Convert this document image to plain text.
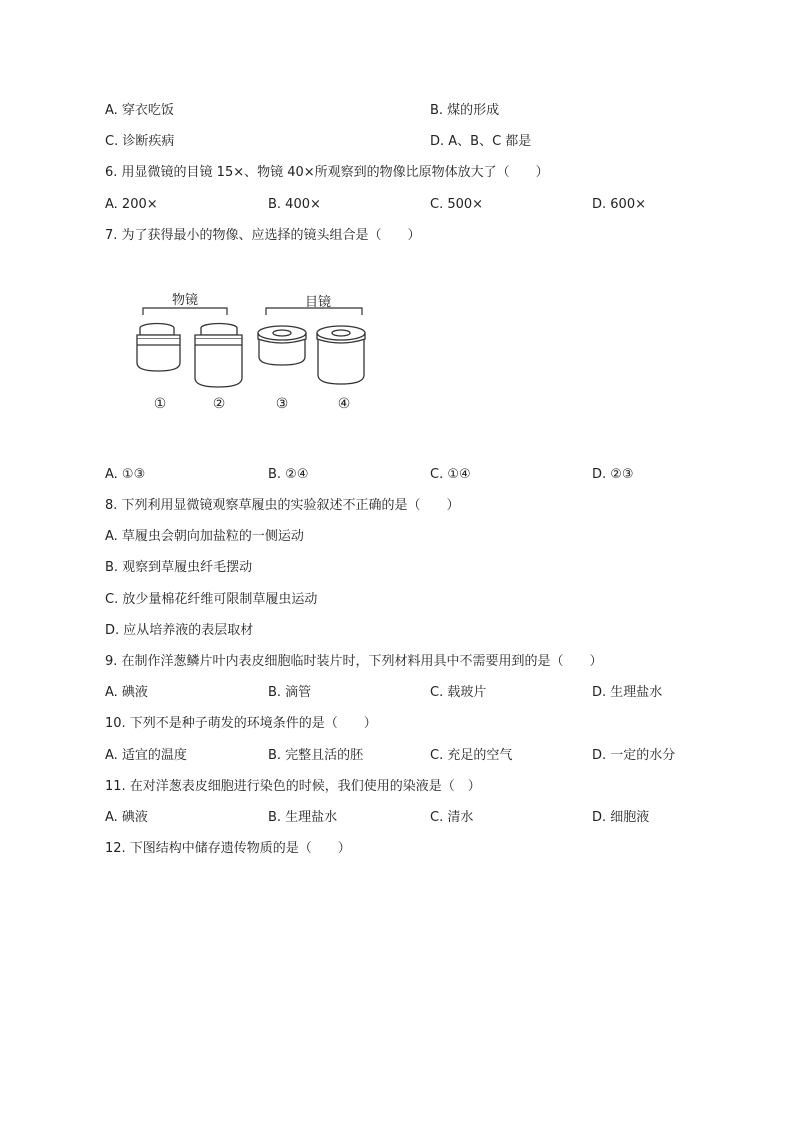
A. 穿衣吃饭	B. 煤的形成
C. 诊断疾病	D. A、B、C 都是
6. 用显微镜的目镜 15×、物镜 40×所观察到的物像比原物体放大了（　　）
A. 200×	B. 400×	C. 500×	D. 600×
7. 为了获得最小的物像、应选择的镜头组合是（　　）
物镜	目镜
①	②	③	④
A. ①③	B. ②④	C. ①④	D. ②③
8. 下列利用显微镜观察草履虫的实验叙述不正确的是（　　）
A. 草履虫会朝向加盐粒的一侧运动
B. 观察到草履虫纤毛摆动
C. 放少量棉花纤维可限制草履虫运动
D. 应从培养液的表层取材
9. 在制作洋葱鳞片叶内表皮细胞临时装片时，下列材料用具中不需要用到的是（　　）
A. 碘液	B. 滴管	C. 载玻片	D. 生理盐水
10. 下列不是种子萌发的环境条件的是（　　）
A. 适宜的温度	B. 完整且活的胚	C. 充足的空气	D. 一定的水分
11. 在对洋葱表皮细胞进行染色的时候，我们使用的染液是（　）
A. 碘液	B. 生理盐水	C. 清水	D. 细胞液
12. 下图结构中储存遗传物质的是（　　）
